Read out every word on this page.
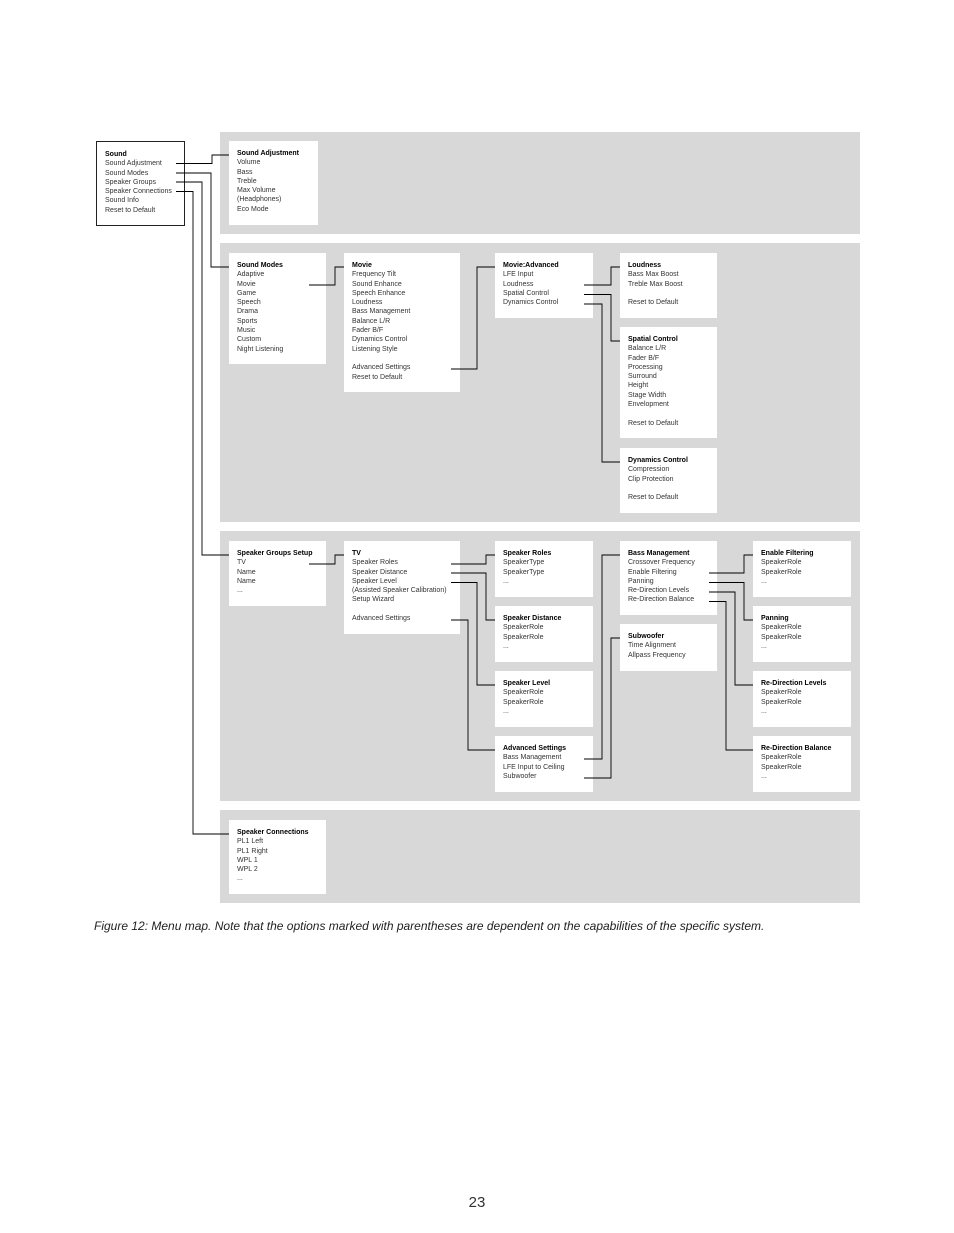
Sound
Sound Adjustment
Sound Modes
Speaker Groups
Speaker Connections
Sound Info
Reset to Default
Sound Adjustment
Volume
Bass
Treble
Max Volume
(Headphones)
Eco Mode
Sound Modes
Adaptive
Movie
Game
Speech
Drama
Sports
Music
Custom
Night Listening
Movie
Frequency Tilt
Sound Enhance
Speech Enhance
Loudness
Bass Management
Balance L/R
Fader B/F
Dynamics Control
Listening Style
Advanced Settings
Reset to Default
Movie:Advanced
LFE Input
Loudness
Spatial Control
Dynamics Control
Loudness
Bass Max Boost
Treble Max Boost
Reset to Default
Spatial Control
Balance L/R
Fader B/F
Processing
Surround
Height
Stage Width
Envelopment
Reset to Default
Dynamics Control
Compression
Clip Protection
Reset to Default
Speaker Groups Setup
TV
Name
Name
...
TV
Speaker Roles
Speaker Distance
Speaker Level
(Assisted Speaker Calibration)
Setup Wizard
Advanced Settings
Speaker Roles
SpeakerType
SpeakerType
...
Speaker Distance
SpeakerRole
SpeakerRole
...
Speaker Level
SpeakerRole
SpeakerRole
...
Advanced Settings
Bass Management
LFE Input to Ceiling
Subwoofer
Bass Management
Crossover Frequency
Enable Filtering
Panning
Re-Direction Levels
Re-Direction Balance
Subwoofer
Time Alignment
Allpass Frequency
Enable Filtering
SpeakerRole
SpeakerRole
...
Panning
SpeakerRole
SpeakerRole
...
Re-Direction Levels
SpeakerRole
SpeakerRole
...
Re-Direction Balance
SpeakerRole
SpeakerRole
...
Speaker Connections
PL1 Left
PL1 Right
WPL 1
WPL 2
...
Figure 12: Menu map. Note that the options marked with parentheses are dependent on the capabilities of the specific system.
23
